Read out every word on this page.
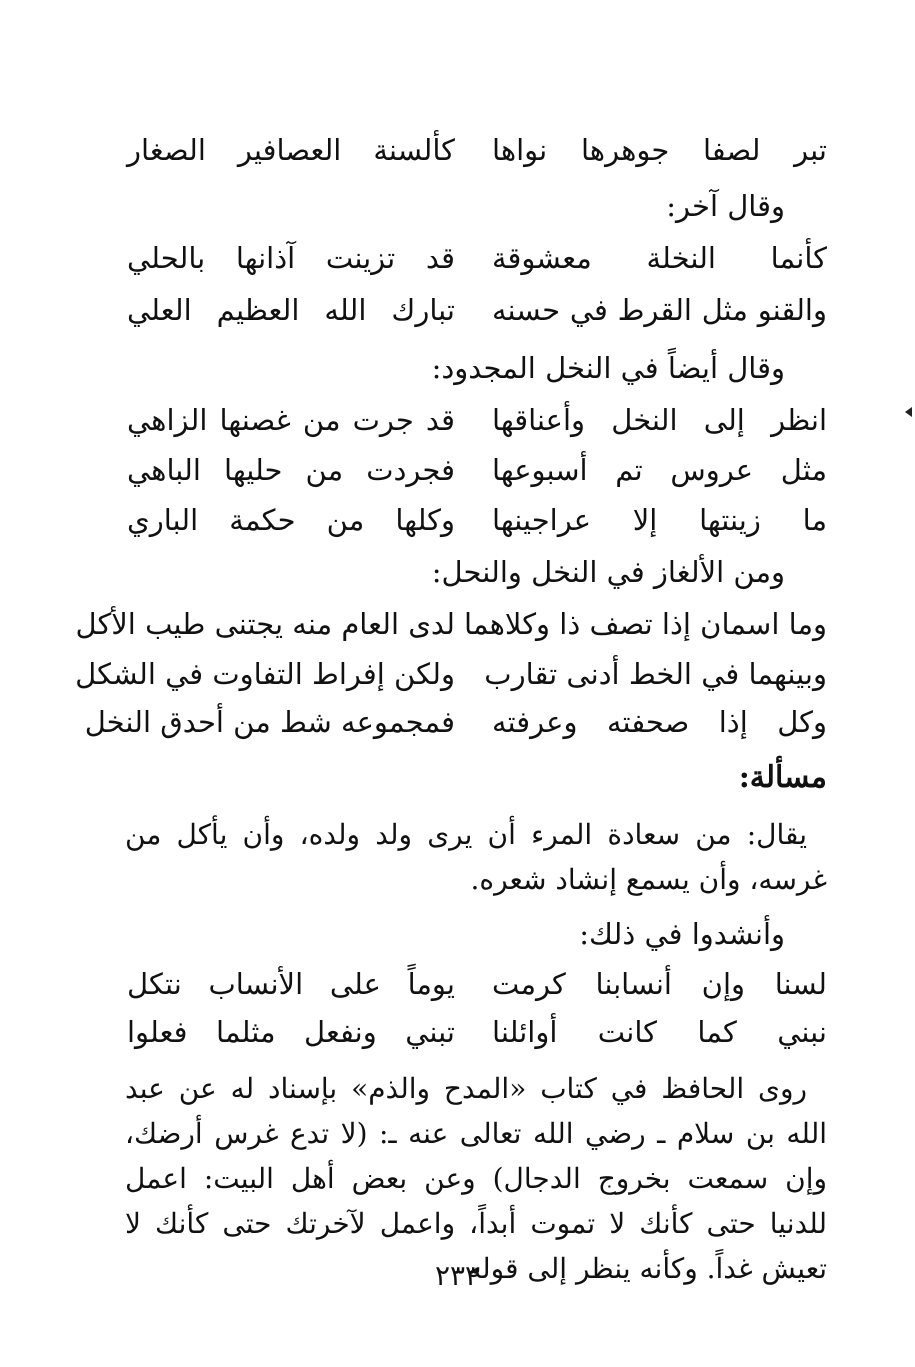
تبر لصفا جوهرها نواها
كألسنة العصافير الصغار
وقال آخر:
كأنما النخلة معشوقة
قد تزينت آذانها بالحلي
والقنو مثل القرط في حسنه
تبارك الله العظيم العلي
وقال أيضاً في النخل المجدود:
انظر إلى النخل وأعناقها
قد جرت من غصنها الزاهي
مثل عروس تم أسبوعها
فجردت من حليها الباهي
ما زينتها إلا عراجينها
وكلها من حكمة الباري
ومن الألغاز في النخل والنحل:
وما اسمان إذا تصف ذا وكلاهما
لدى العام منه يجتنى طيب الأكل
وبينهما في الخط أدنى تقارب
ولكن إفراط التفاوت في الشكل
وكل إذا صحفته وعرفته
فمجموعه شط من أحدق النخل
مسألة:
يقال: من سعادة المرء أن يرى ولد ولده، وأن يأكل من غرسه، وأن يسمع إنشاد شعره.
وأنشدوا في ذلك:
لسنا وإن أنسابنا كرمت
يوماً على الأنساب نتكل
نبني كما كانت أوائلنا
تبني ونفعل مثلما فعلوا
روى الحافظ في كتاب «المدح والذم» بإسناد له عن عبد الله بن سلام ـ رضي الله تعالى عنه ـ: (لا تدع غرس أرضك، وإن سمعت بخروج الدجال) وعن بعض أهل البيت: اعمل للدنيا حتى كأنك لا تموت أبداً، واعمل لآخرتك حتى كأنك لا تعيش غداً. وكأنه ينظر إلى قوله
٢٣٣
